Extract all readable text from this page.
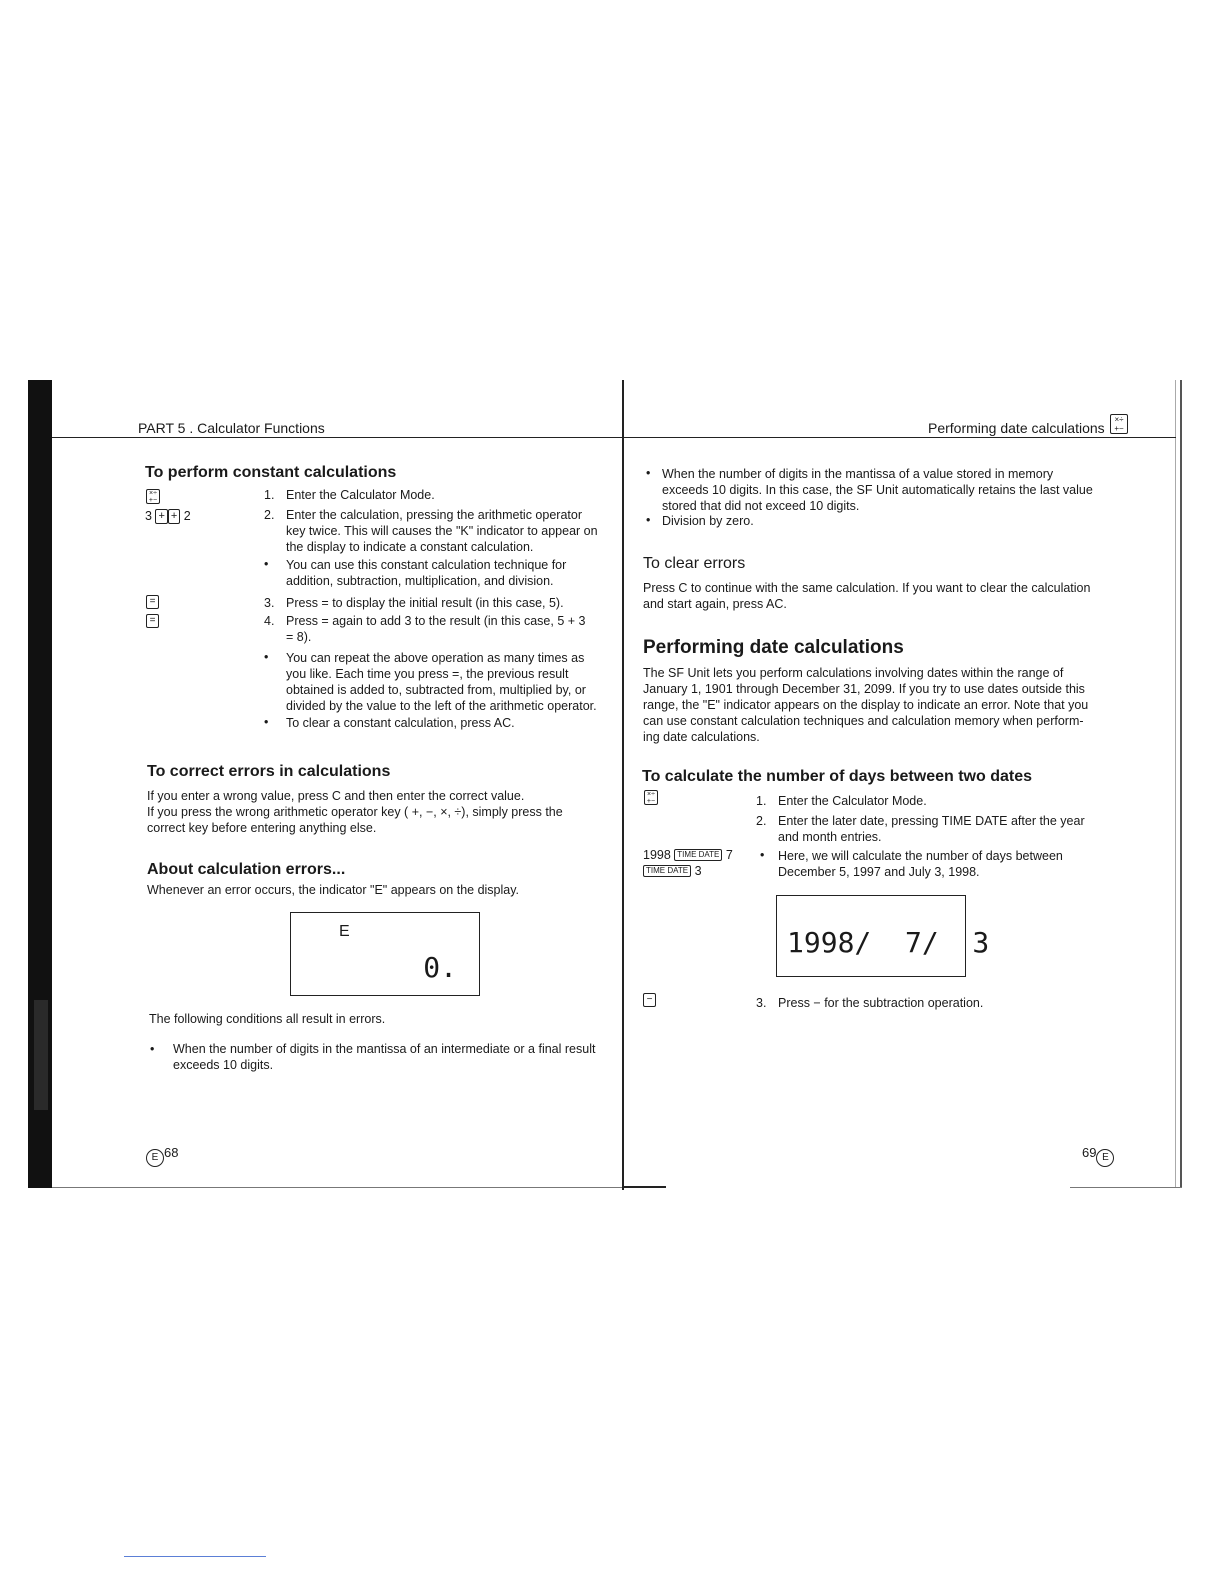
PART 5 . Calculator Functions
To perform constant calculations
×÷
+−
3 + + 2
=
=
1. Enter the Calculator Mode.
2. Enter the calculation, pressing the arithmetic operator
key twice. This will causes the "K" indicator to appear on
the display to indicate a constant calculation.
• You can use this constant calculation technique for
addition, subtraction, multiplication, and division.
3. Press = to display the initial result (in this case, 5).
4. Press = again to add 3 to the result (in this case, 5 + 3
= 8).
• You can repeat the above operation as many times as
you like. Each time you press =, the previous result
obtained is added to, subtracted from, multiplied by, or
divided by the value to the left of the arithmetic operator.
• To clear a constant calculation, press AC.
To correct errors in calculations
If you enter a wrong value, press C and then enter the correct value.
If you press the wrong arithmetic operator key ( +, −, ×, ÷), simply press the
correct key before entering anything else.
About calculation errors...
Whenever an error occurs, the indicator "E" appears on the display.
E
0.
The following conditions all result in errors.
• When the number of digits in the mantissa of an intermediate or a final result
exceeds 10 digits.
E 68
Performing date calculations
×÷
+−
• When the number of digits in the mantissa of a value stored in memory
exceeds 10 digits. In this case, the SF Unit automatically retains the last value
stored that did not exceed 10 digits.
• Division by zero.
To clear errors
Press C to continue with the same calculation. If you want to clear the calculation
and start again, press AC.
Performing date calculations
The SF Unit lets you perform calculations involving dates within the range of
January 1, 1901 through December 31, 2099. If you try to use dates outside this
range, the "E" indicator appears on the display to indicate an error. Note that you
can use constant calculation techniques and calculation memory when perform-
ing date calculations.
To calculate the number of days between two dates
×÷
+−	1. Enter the Calculator Mode.
2. Enter the later date, pressing TIME DATE after the year
and month entries.
1998 TIME DATE 7
TIME DATE 3
• Here, we will calculate the number of days between
December 5, 1997 and July 3, 1998.
1998/  7/  3
−	3. Press − for the subtraction operation.
69 E
